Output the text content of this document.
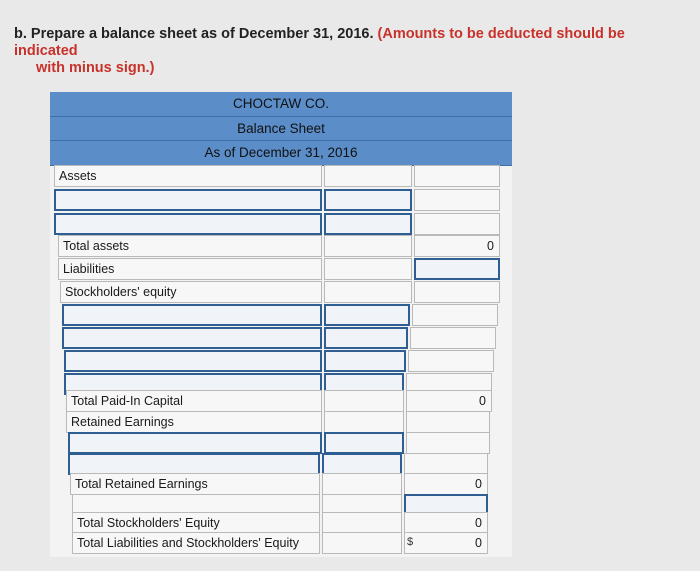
b. Prepare a balance sheet as of December 31, 2016. (Amounts to be deducted should be indicated
with minus sign.)
CHOCTAW CO.
Balance Sheet
As of December 31, 2016
Assets
Total assets	0
Liabilities
Stockholders' equity
Total Paid-In Capital	0
Retained Earnings
Total Retained Earnings	0
Total Stockholders' Equity	0
Total Liabilities and Stockholders' Equity	0
$
